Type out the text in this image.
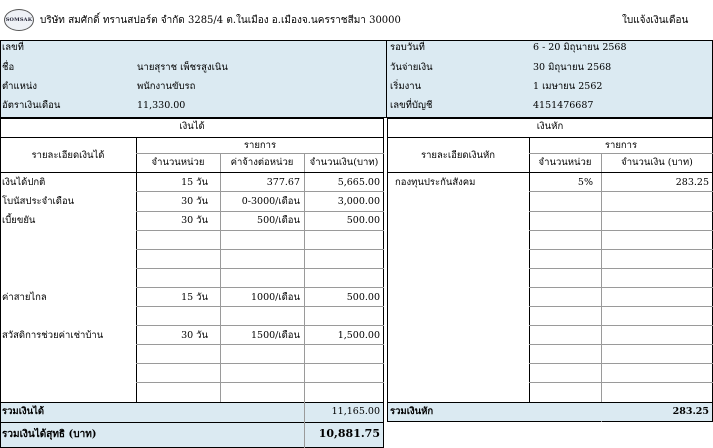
SOMSAK บริษัท สมศักดิ์ ทรานสปอร์ต จำกัด 3285/4 ต.ในเมือง อ.เมืองจ.นครราชสีมา 30000	ใบแจ้งเงินเดือน
เลขที่
ชื่อ	นายสุราช เพ็ชรสูงเนิน
ตำแหน่ง	พนักงานขับรถ
อัตราเงินเดือน	11,330.00
รอบวันที่	6 - 20 มิถุนายน 2568
วันจ่ายเงิน	30 มิถุนายน 2568
เริ่มงาน	1 เมษายน 2562
เลขที่บัญชี	4151476687
เงินได้
รายละเอียดเงินได้
รายการ
จำนวนหน่วย	ค่าจ้างต่อหน่วย	จำนวนเงิน(บาท)
เงินได้ปกติ	15 วัน	377.67	5,665.00
โบนัสประจำเดือน	30 วัน	0-3000/เดือน	3,000.00
เบี้ยขยัน	30 วัน	500/เดือน	500.00
ค่าสายไกล	15 วัน	1000/เดือน	500.00
สวัสดิการช่วยค่าเช่าบ้าน	30 วัน	1500/เดือน	1,500.00
รวมเงินได้	11,165.00
รวมเงินได้สุทธิ (บาท)	10,881.75
เงินหัก
รายละเอียดเงินหัก
รายการ
จำนวนหน่วย	จำนวนเงิน (บาท)
กองทุนประกันสังคม	5%	283.25
รวมเงินหัก	283.25
